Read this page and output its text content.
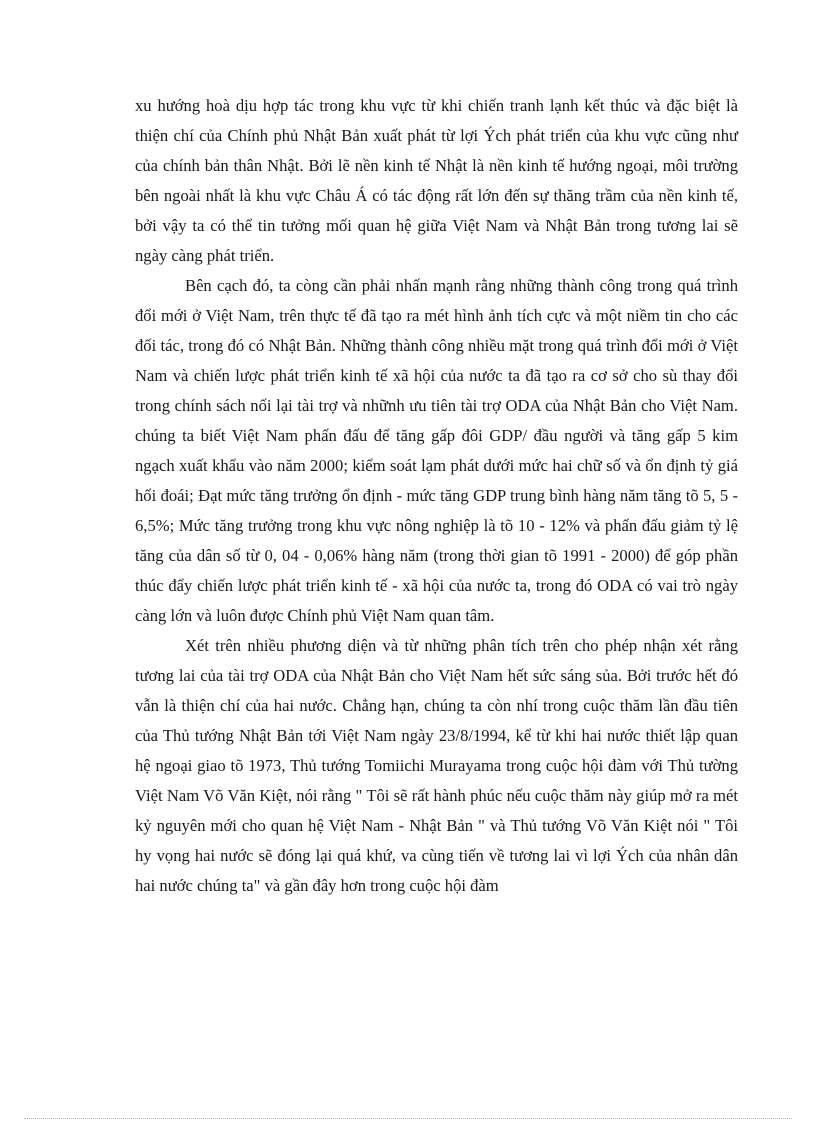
xu hướng hoà dịu hợp tác trong khu vực từ khi chiến tranh lạnh kết thúc và đặc biệt là thiện chí của Chính phủ Nhật Bản xuất phát từ lợi Ých phát triển của khu vực cũng như của chính bản thân Nhật. Bởi lẽ nền kinh tế Nhật là nền kinh tế hướng ngoại, môi trường bên ngoài nhất là khu vực Châu Á có tác động rất lớn đến sự thăng trầm của nền kinh tế, bởi vậy ta có thể tin tưởng mối quan hệ giữa Việt Nam và Nhật Bản trong tương lai sẽ ngày càng phát triển.

Bên cạch đó, ta còng cần phải nhấn mạnh rằng những thành công trong quá trình đổi mới ở Việt Nam, trên thực tế đã tạo ra mét hình ảnh tích cực và một niềm tin cho các đối tác, trong đó có Nhật Bản. Những thành công nhiều mặt trong quá trình đổi mới ở Việt Nam và chiến lược phát triển kinh tế xã hội của nước ta đã tạo ra cơ sở cho sù thay đổi trong chính sách nối lại tài trợ và nhữnh ưu tiên tài trợ ODA của Nhật Bản cho Việt Nam. chúng ta biết Việt Nam phấn đấu để tăng gấp đôi GDP/ đầu người và tăng gấp 5 kim ngạch xuất khẩu vào năm 2000; kiểm soát lạm phát dưới mức hai chữ số và ổn định tỷ giá hối đoái; Đạt mức tăng trưởng ổn định - mức tăng GDP trung bình hàng năm tăng tõ 5, 5 - 6,5%; Mức tăng trưởng trong khu vực nông nghiệp là tõ 10 - 12% và phấn đấu giảm tỷ lệ tăng của dân số từ 0, 04 - 0,06% hàng năm (trong thời gian tõ 1991 - 2000) để góp phần thúc đẩy chiến lược phát triển kinh tế - xã hội của nước ta, trong đó ODA có vai trò ngày càng lớn và luôn được Chính phủ Việt Nam quan tâm.

Xét trên nhiều phương diện và từ những phân tích trên cho phép nhận xét rằng tương lai của tài trợ ODA của Nhật Bản cho Việt Nam hết sức sáng sủa. Bởi trước hết đó vẫn là thiện chí của hai nước. Chẳng hạn, chúng ta còn nhí trong cuộc thăm lần đầu tiên của Thủ tướng Nhật Bản tới Việt Nam ngày 23/8/1994, kể từ khi hai nước thiết lập quan hệ ngoại giao tõ 1973, Thủ tướng Tomiichi Murayama trong cuộc hội đàm với Thủ tường Việt Nam Võ Văn Kiệt, nói rằng " Tôi sẽ rất hành phúc nếu cuộc thăm này giúp mở ra mét kỷ nguyên mới cho quan hệ Việt Nam - Nhật Bản " và Thủ tướng Võ Văn Kiệt nói " Tôi hy vọng hai nước sẽ đóng lại quá khứ, va cùng tiến về tương lai vì lợi Ých của nhân dân hai nước chúng ta" và gần đây hơn trong cuộc hội đàm
